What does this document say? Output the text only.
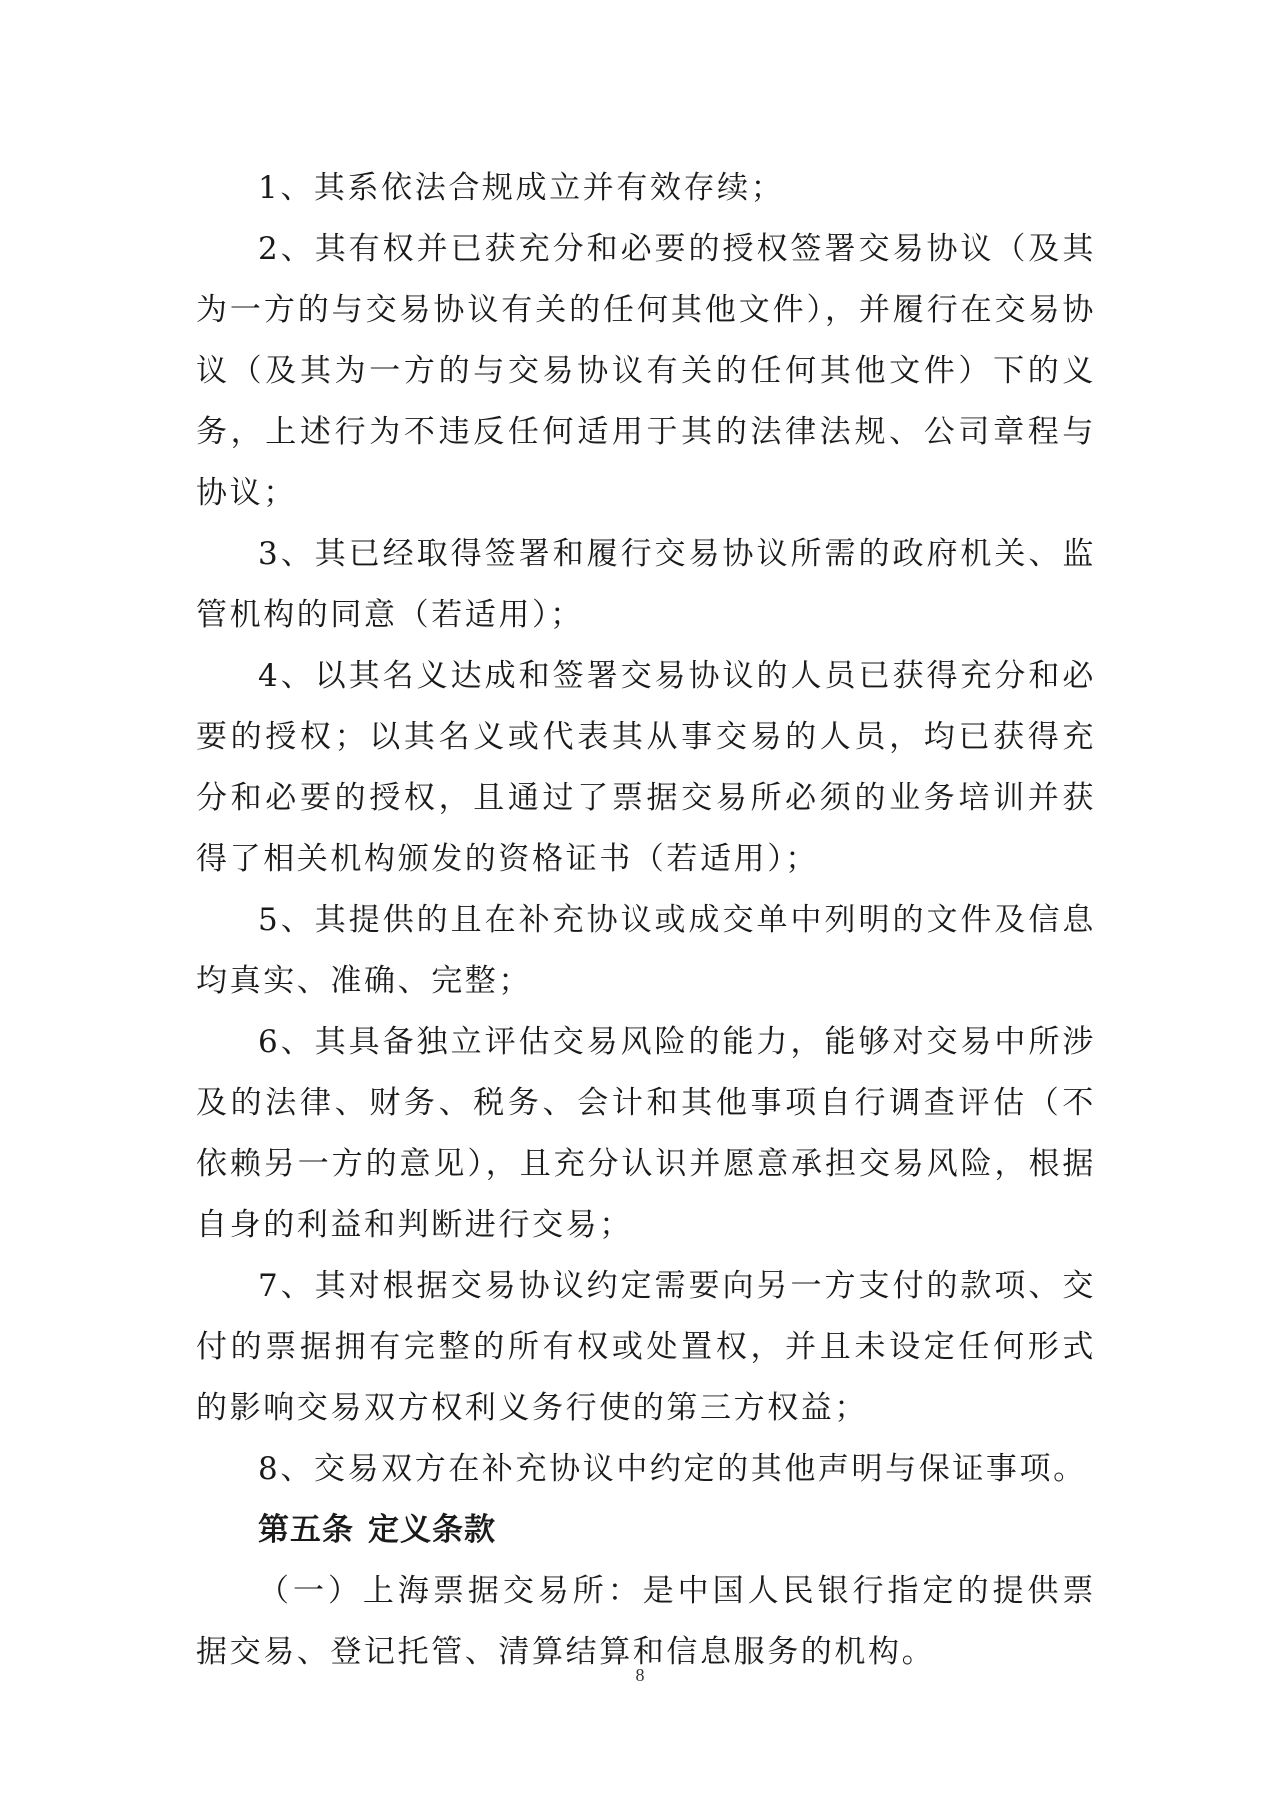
1、其系依法合规成立并有效存续；

2、其有权并已获充分和必要的授权签署交易协议（及其为一方的与交易协议有关的任何其他文件），并履行在交易协议（及其为一方的与交易协议有关的任何其他文件）下的义务，上述行为不违反任何适用于其的法律法规、公司章程与协议；

3、其已经取得签署和履行交易协议所需的政府机关、监管机构的同意（若适用）；

4、以其名义达成和签署交易协议的人员已获得充分和必要的授权；以其名义或代表其从事交易的人员，均已获得充分和必要的授权，且通过了票据交易所必须的业务培训并获得了相关机构颁发的资格证书（若适用）；

5、其提供的且在补充协议或成交单中列明的文件及信息均真实、准确、完整；

6、其具备独立评估交易风险的能力，能够对交易中所涉及的法律、财务、税务、会计和其他事项自行调查评估（不依赖另一方的意见），且充分认识并愿意承担交易风险，根据自身的利益和判断进行交易；

7、其对根据交易协议约定需要向另一方支付的款项、交付的票据拥有完整的所有权或处置权，并且未设定任何形式的影响交易双方权利义务行使的第三方权益；

8、交易双方在补充协议中约定的其他声明与保证事项。

第五条 定义条款

（一）上海票据交易所：是中国人民银行指定的提供票据交易、登记托管、清算结算和信息服务的机构。

8
